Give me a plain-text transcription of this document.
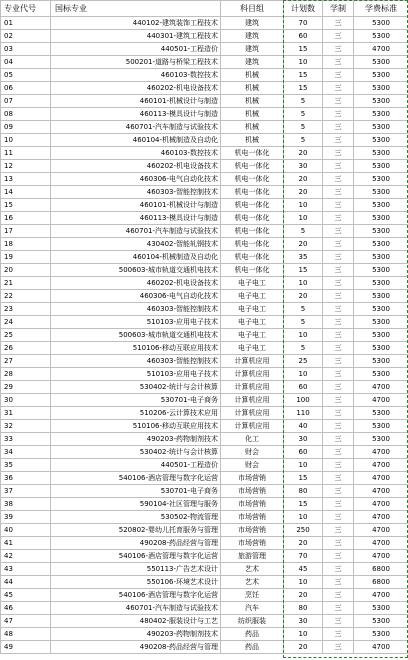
专业代号	国标专业	科目组	计划数	学制	学费标准
01	440102-建筑装饰工程技术	建筑	70	三	5300
02	440301-建筑工程技术	建筑	60	三	5300
03	440501-工程造价	建筑	15	三	4700
04	500201-道路与桥梁工程技术	建筑	10	三	5300
05	460103-数控技术	机械	15	三	5300
06	460202-机电设备技术	机械	15	三	5300
07	460101-机械设计与制造	机械	5	三	5300
08	460113-模具设计与制造	机械	5	三	5300
09	460701-汽车制造与试验技术	机械	5	三	5300
10	460104-机械制造及自动化	机械	5	三	5300
11	460103-数控技术	机电一体化	20	三	5300
12	460202-机电设备技术	机电一体化	30	三	5300
13	460306-电气自动化技术	机电一体化	20	三	5300
14	460303-智能控制技术	机电一体化	20	三	5300
15	460101-机械设计与制造	机电一体化	10	三	5300
16	460113-模具设计与制造	机电一体化	10	三	5300
17	460701-汽车制造与试验技术	机电一体化	5	三	5300
18	430402-智能轧钢技术	机电一体化	20	三	5300
19	460104-机械制造及自动化	机电一体化	35	三	5300
20	500603-城市轨道交通机电技术	机电一体化	15	三	5300
21	460202-机电设备技术	电子电工	10	三	5300
22	460306-电气自动化技术	电子电工	20	三	5300
23	460303-智能控制技术	电子电工	5	三	5300
24	510103-应用电子技术	电子电工	5	三	5300
25	500603-城市轨道交通机电技术	电子电工	10	三	5300
26	510106-移动互联应用技术	电子电工	5	三	5300
27	460303-智能控制技术	计算机应用	25	三	5300
28	510103-应用电子技术	计算机应用	10	三	5300
29	530402-统计与会计核算	计算机应用	60	三	4700
30	530701-电子商务	计算机应用	100	三	4700
31	510206-云计算技术应用	计算机应用	110	三	5300
32	510106-移动互联应用技术	计算机应用	40	三	5300
33	490203-药物制剂技术	化工	30	三	5300
34	530402-统计与会计核算	财会	60	三	4700
35	440501-工程造价	财会	10	三	4700
36	540106-酒店管理与数字化运营	市场营销	15	三	4700
37	530701-电子商务	市场营销	80	三	4700
38	590104-社区管理与服务	市场营销	15	三	4700
39	530502-物流管理	市场营销	10	三	4700
40	520802-婴幼儿托育服务与管理	市场营销	250	三	4700
41	490208-药品经营与管理	市场营销	20	三	4700
42	540106-酒店管理与数字化运营	旅游管理	70	三	4700
43	550113-广告艺术设计	艺术	45	三	6800
44	550106-环境艺术设计	艺术	10	三	6800
45	540106-酒店管理与数字化运营	烹饪	20	三	4700
46	460701-汽车制造与试验技术	汽车	80	三	5300
47	480402-服装设计与工艺	纺织服装	30	三	5300
48	490203-药物制剂技术	药品	10	三	5300
49	490208-药品经营与管理	药品	20	三	4700
